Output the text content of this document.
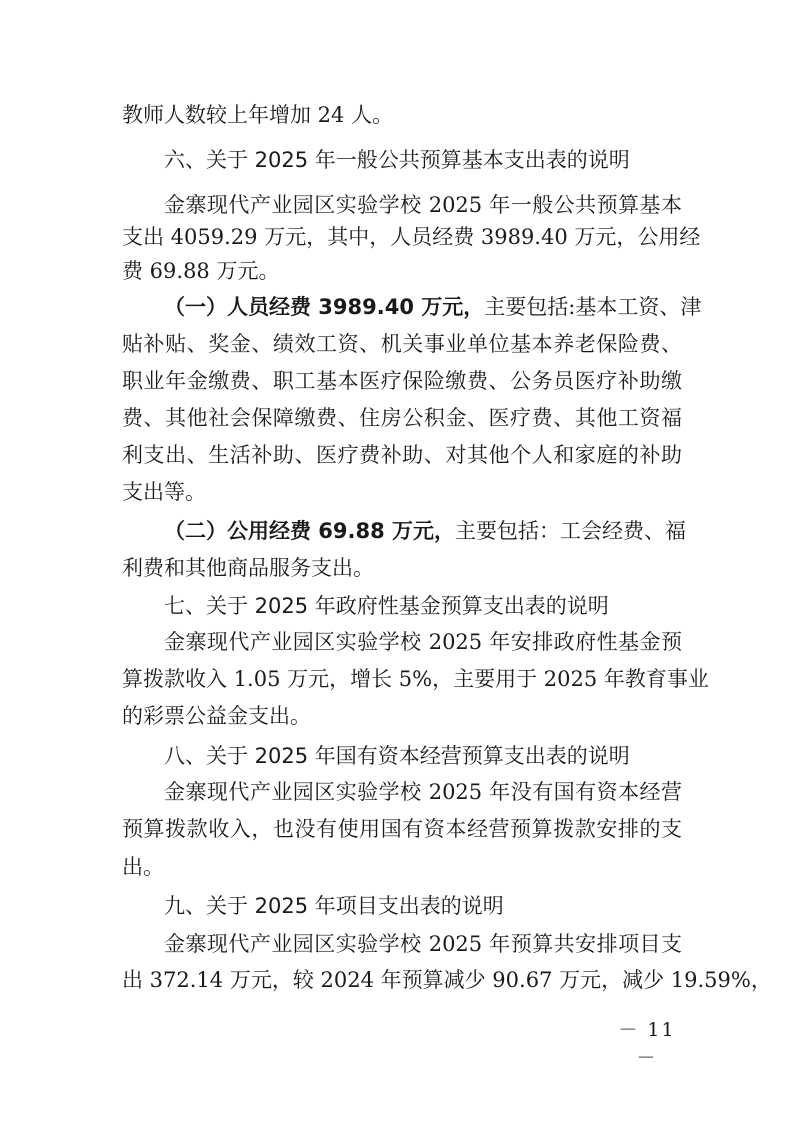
教师人数较上年增加 24 人。
六、关于 2025 年一般公共预算基本支出表的说明
金寨现代产业园区实验学校 2025 年一般公共预算基本
支出 4059.29 万元，其中，人员经费 3989.40 万元，公用经
费 69.88 万元。
（一）人员经费 3989.40 万元，主要包括:基本工资、津
贴补贴、奖金、绩效工资、机关事业单位基本养老保险费、
职业年金缴费、职工基本医疗保险缴费、公务员医疗补助缴
费、其他社会保障缴费、住房公积金、医疗费、其他工资福
利支出、生活补助、医疗费补助、对其他个人和家庭的补助
支出等。
（二）公用经费 69.88 万元，主要包括：工会经费、福
利费和其他商品服务支出。
七、关于 2025 年政府性基金预算支出表的说明
金寨现代产业园区实验学校 2025 年安排政府性基金预
算拨款收入 1.05 万元，增长 5%，主要用于 2025 年教育事业
的彩票公益金支出。
八、关于 2025 年国有资本经营预算支出表的说明
金寨现代产业园区实验学校 2025 年没有国有资本经营
预算拨款收入，也没有使用国有资本经营预算拨款安排的支
出。
九、关于 2025 年项目支出表的说明
金寨现代产业园区实验学校 2025 年预算共安排项目支
出 372.14 万元，较 2024 年预算减少 90.67 万元，减少 19.59%，
－ 11 －
